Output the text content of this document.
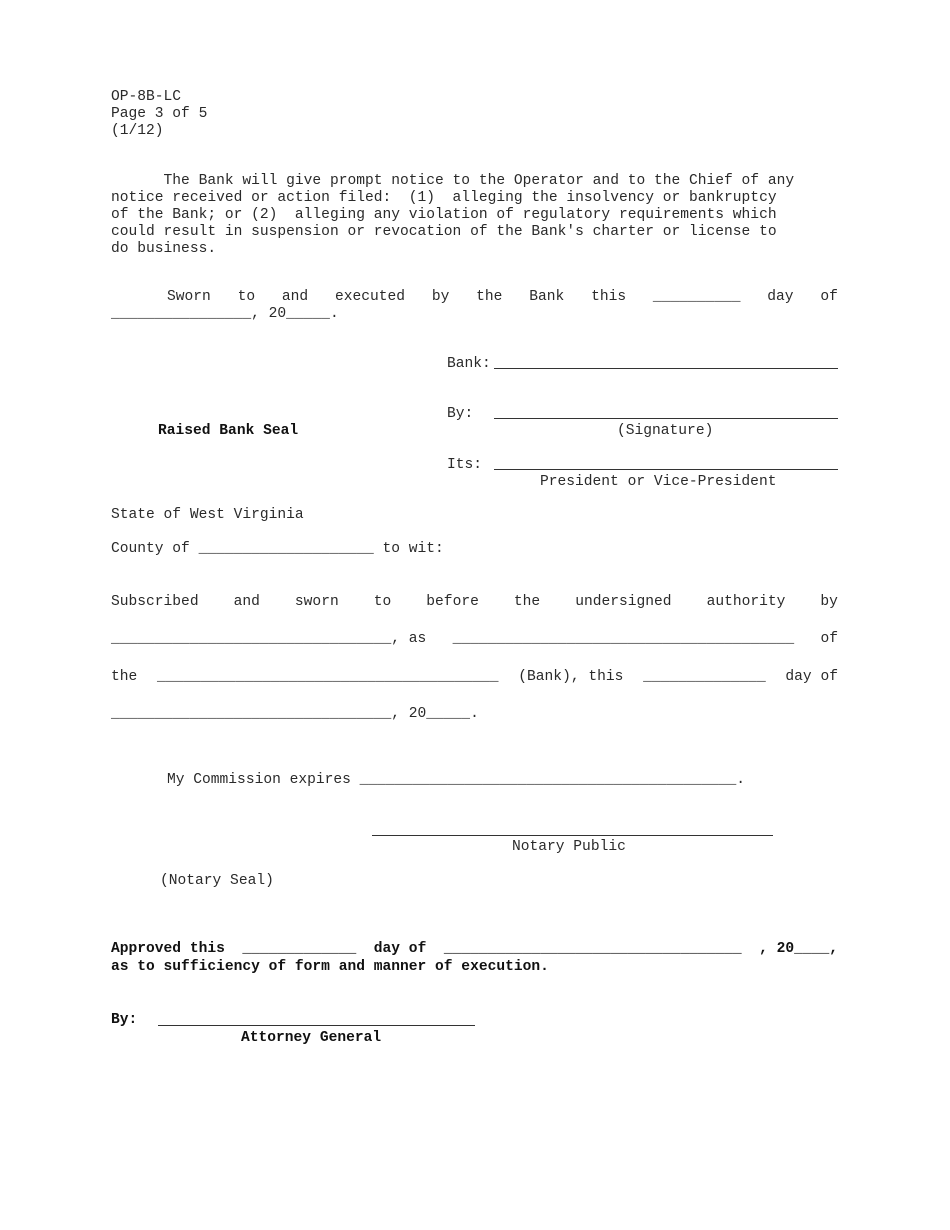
OP-8B-LC
Page 3 of 5
(1/12)
The Bank will give prompt notice to the Operator and to the Chief of any
notice received or action filed:  (1)  alleging the insolvency or bankruptcy
of the Bank; or (2)  alleging any violation of regulatory requirements which
could result in suspension or revocation of the Bank's charter or license to
do business.
Sworn to and executed by the Bank this __________ day of
________________, 20_____.
Bank:
By:
(Signature)
Raised Bank Seal
Its:
President or Vice-President
State of West Virginia
County of ____________________ to wit:
Subscribed and sworn to before the undersigned authority by
________________________________, as _______________________________________ of
the _______________________________________ (Bank), this ______________ day of
________________________________, 20_____.
My Commission expires ___________________________________________.
Notary Public
(Notary Seal)
Approved this _____________ day of __________________________________ , 20____,
as to sufficiency of form and manner of execution.
By:
Attorney General
